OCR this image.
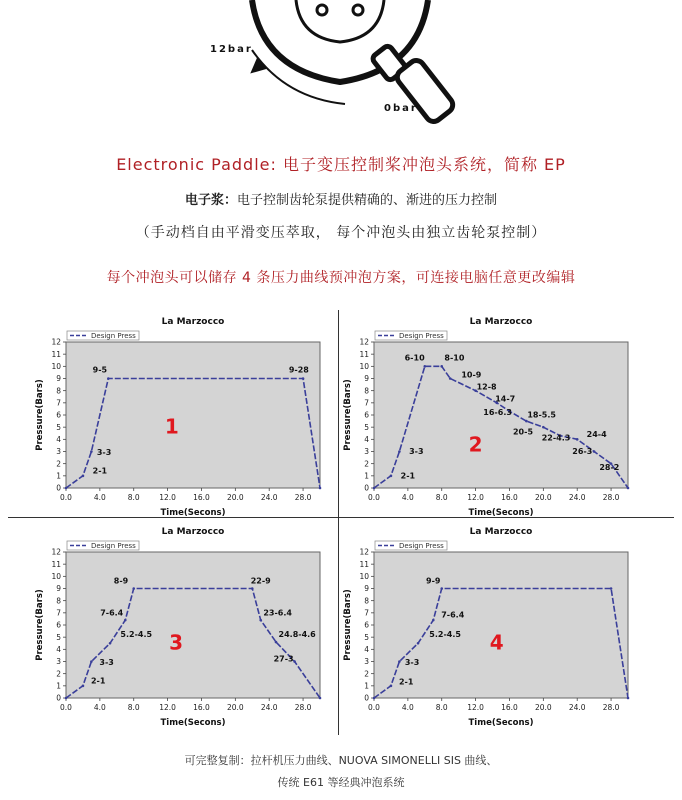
12bar
0bar
Electronic Paddle: 电子变压控制桨冲泡头系统，简称 EP
电子浆：电子控制齿轮泵提供精确的、渐进的压力控制
（手动档自由平滑变压萃取， 每个冲泡头由独立齿轮泵控制）
每个冲泡头可以储存 4 条压力曲线预冲泡方案，可连接电脑任意更改编辑
La Marzocco
Design Press
0
1
2
3
4
5
6
7
8
9
10
11
12
0.0	4.0	8.0	12.0 16.0 20.0 24.0 28.0
Time(Secons)
Pressure(Bars)
9-5	9-28
3-3
2-1
1
La Marzocco
Design Press
0
1
2
3
4
5
6
7
8
9
10
11
12
0.0	4.0	8.0	12.0 16.0 20.0 24.0 28.0
Time(Secons)
Pressure(Bars)
6-10 8-10
10-9
12-8
14-7
16-6.3 18-5.5
20-5
22-4.3 24-4
26-3
28-2
3-3
2-1
2
La Marzocco
Design Press
0
1
2
3
4
5
6
7
8
9
10
11
12
0.0	4.0	8.0	12.0 16.0 20.0 24.0 28.0
Time(Secons)
Pressure(Bars)
8-9	22-9
7-6.4	23-6.4
5.2-4.5	24.8-4.6
3-3	27-3
2-1
3
La Marzocco
Design Press
0
1
2
3
4
5
6
7
8
9
10
11
12
0.0	4.0	8.0	12.0 16.0 20.0 24.0 28.0
Time(Secons)
Pressure(Bars)
9-9
7-6.4
5.2-4.5
3-3
2-1
4
可完整复制：拉杆机压力曲线、NUOVA SIMONELLI SIS 曲线、
传统 E61 等经典冲泡系统
